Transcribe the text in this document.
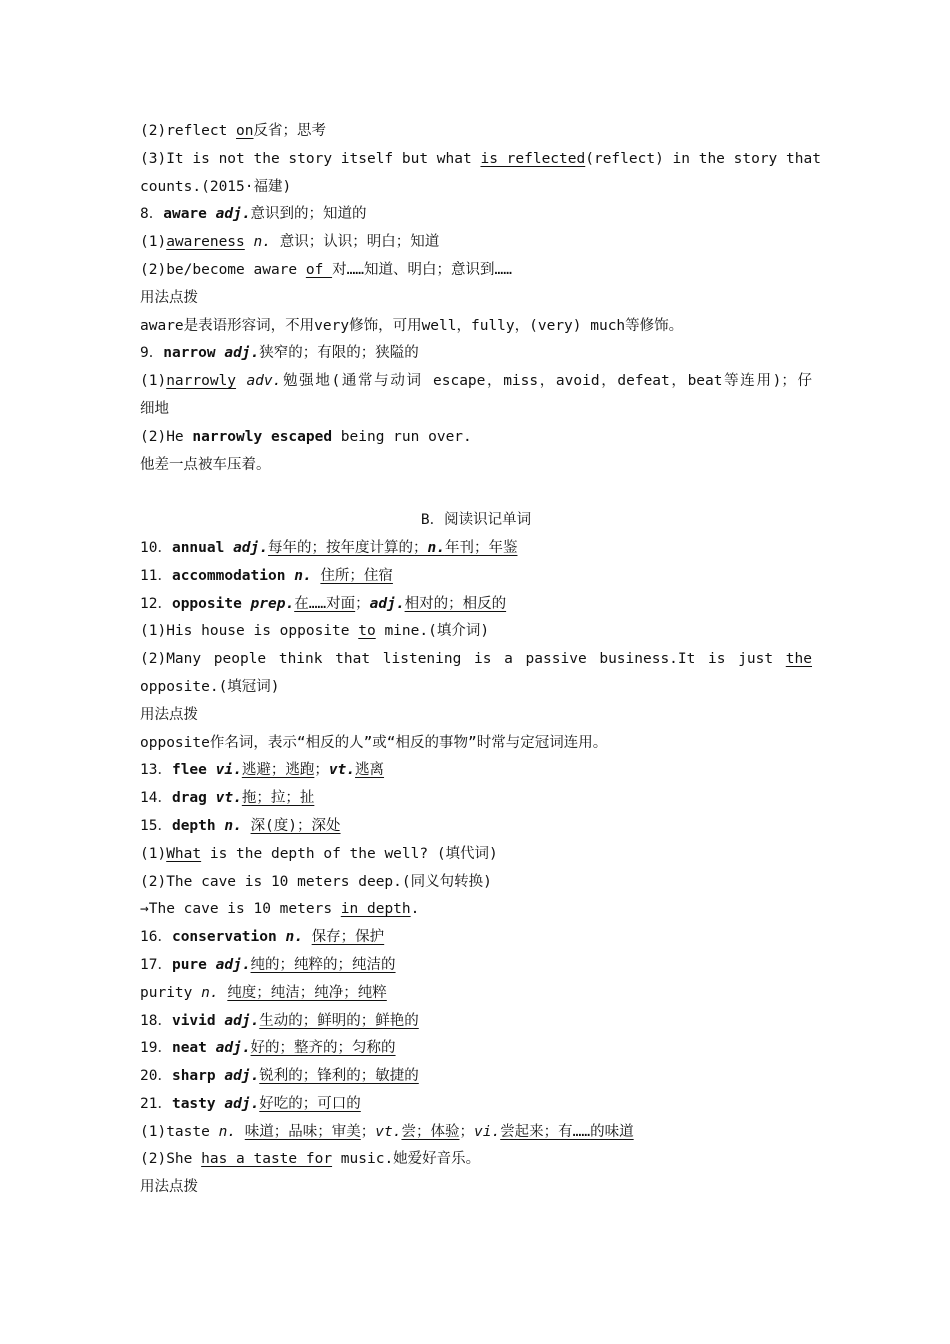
(2)reflect on反省；思考
(3)It is not the story itself but what is reflected(reflect) in the story that
counts.(2015·福建)
8．aware adj.意识到的；知道的
(1)awareness n. 意识；认识；明白；知道
(2)be/become aware of 对……知道、明白；意识到……
用法点拨
aware是表语形容词，不用very修饰，可用well，fully，(very) much等修饰。
9．narrow adj.狭窄的；有限的；狭隘的
(1)narrowly adv.勉强地(通常与动词 escape，miss，avoid，defeat，beat等连用)；仔
细地
(2)He narrowly escaped being run over.
他差一点被车压着。
B．阅读识记单词
10．annual adj.每年的；按年度计算的；n.年刊；年鉴
11．accommodation n. 住所；住宿
12．opposite prep.在……对面；adj.相对的；相反的
(1)His house is opposite to mine.(填介词)
(2)Many people think that listening is a passive business.It is just the
opposite.(填冠词)
用法点拨
opposite作名词，表示“相反的人”或“相反的事物”时常与定冠词连用。
13．flee vi.逃避；逃跑；vt.逃离
14．drag vt.拖；拉；扯
15．depth n. 深(度)；深处
(1)What is the depth of the well? (填代词)
(2)The cave is 10 meters deep.(同义句转换)
→The cave is 10 meters in depth.
16．conservation n. 保存；保护
17．pure adj.纯的；纯粹的；纯洁的
purity n. 纯度；纯洁；纯净；纯粹
18．vivid adj.生动的；鲜明的；鲜艳的
19．neat adj.好的；整齐的；匀称的
20．sharp adj.锐利的；锋利的；敏捷的
21．tasty adj.好吃的；可口的
(1)taste n. 味道；品味；审美；vt.尝；体验；vi.尝起来；有……的味道
(2)She has a taste for music.她爱好音乐。
用法点拨
